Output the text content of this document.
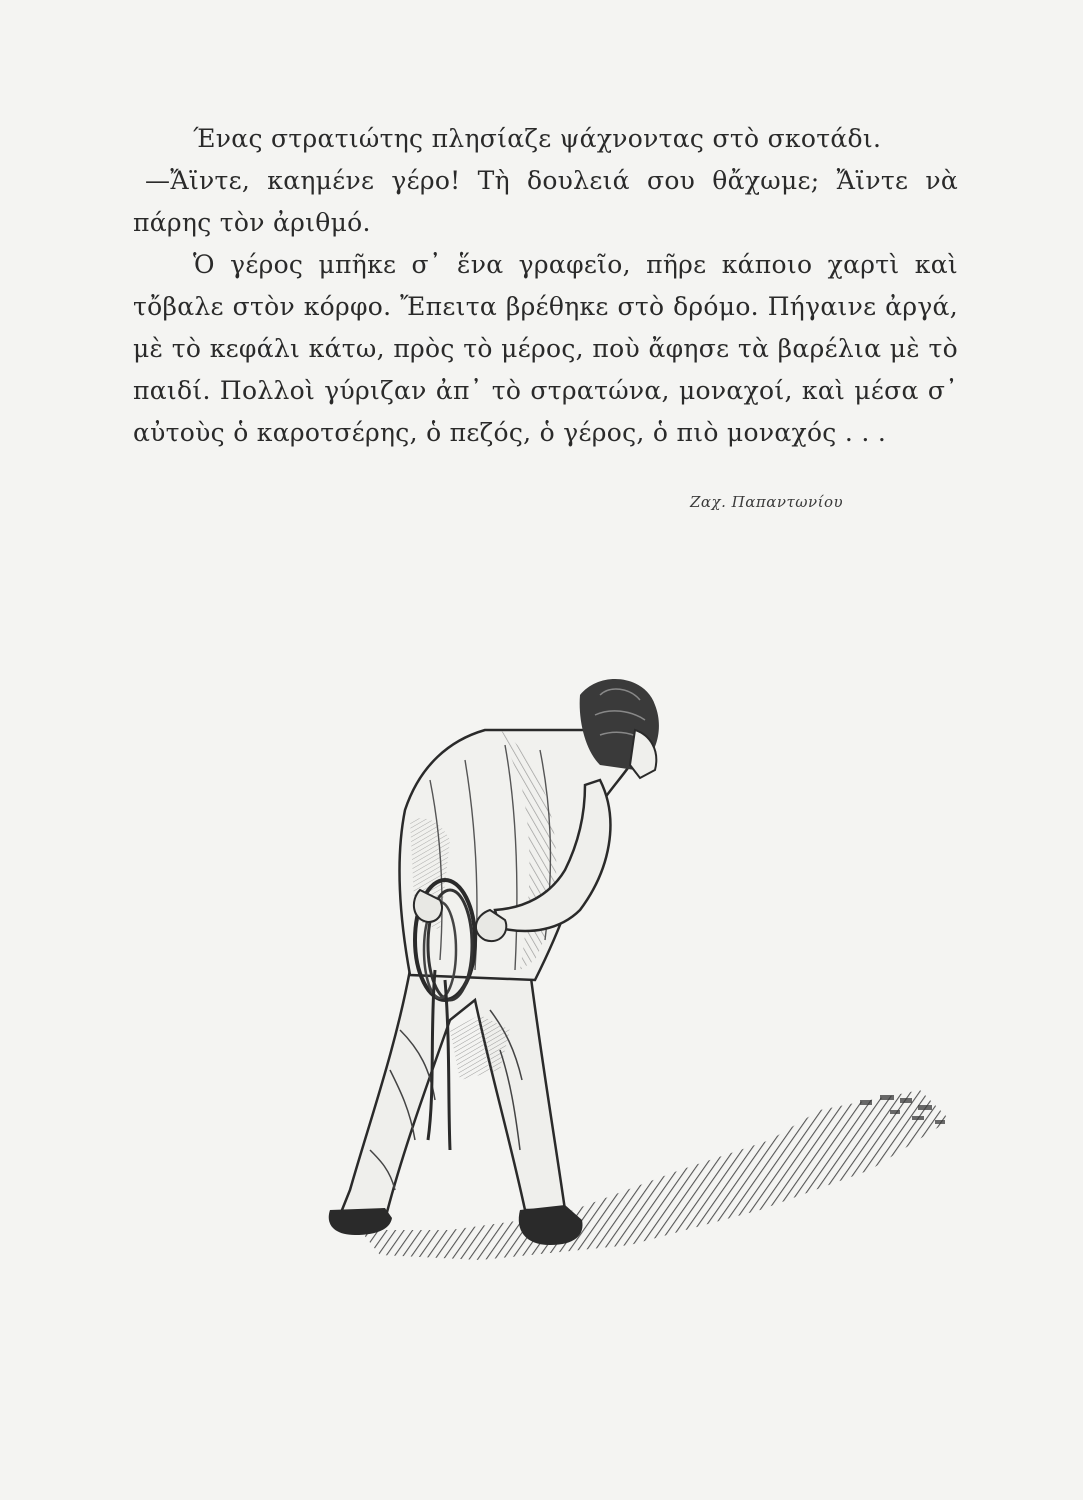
Ένας στρατιώτης πλησίαζε ψάχνοντας στὸ σκοτάδι.

—Ἄϊντε, καημένε γέρο! Τὴ δουλειά σου θἄχωμε; Ἄϊντε νὰ πάρης τὸν ἀριθμό.

Ὁ γέρος μπῆκε σ᾽ ἕνα γραφεῖο, πῆρε κάποιο χαρτὶ καὶ τὄβαλε στὸν κόρφο. Ἔπειτα βρέθηκε στὸ δρόμο. Πήγαινε ἀργά, μὲ τὸ κεφάλι κάτω, πρὸς τὸ μέρος, ποὺ ἄφησε τὰ βαρέλια μὲ τὸ παιδί. Πολλοὶ γύριζαν ἀπ᾽ τὸ στρατώνα, μοναχοί, καὶ μέσα σ᾽ αὐτοὺς ὁ καροτσέρης, ὁ πεζός, ὁ γέρος, ὁ πιὸ μοναχός . . .

Ζαχ. Παπαντωνίου
